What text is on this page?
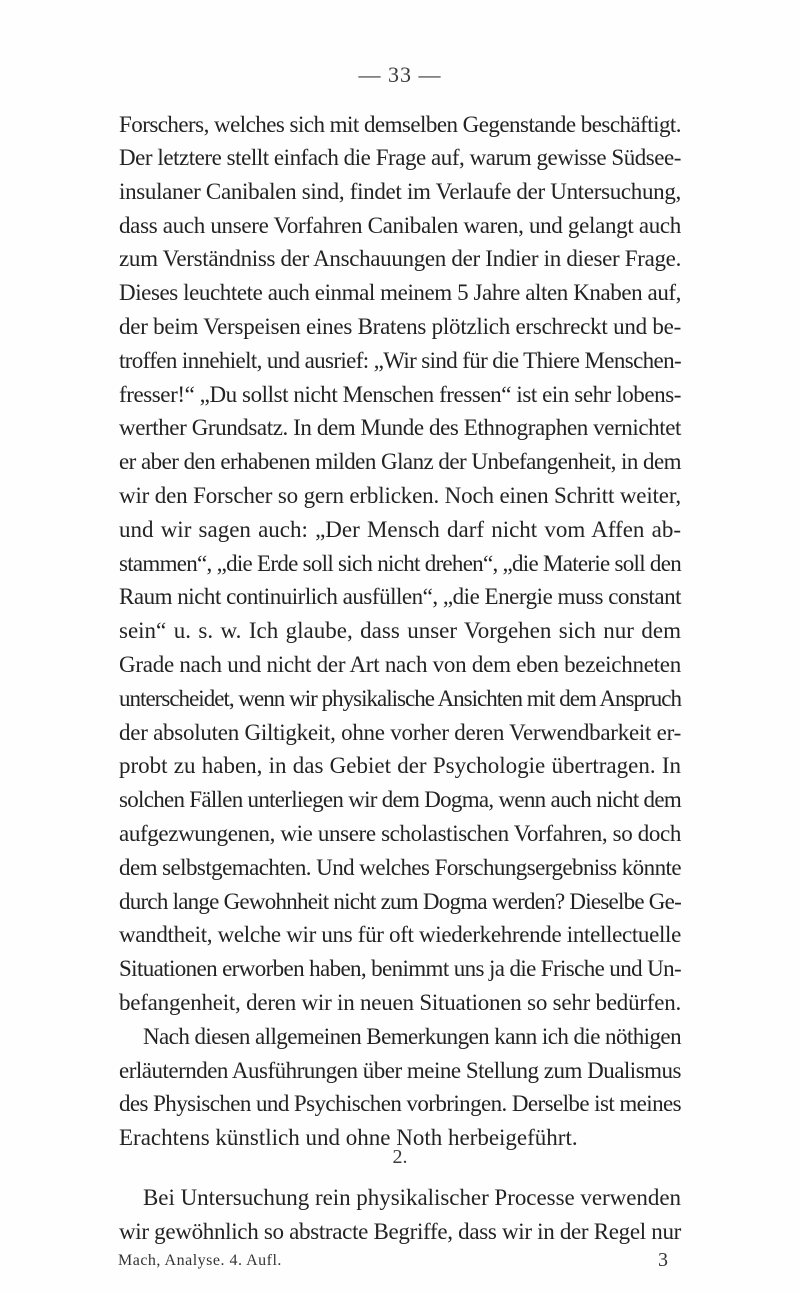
— 33 —
Forschers, welches sich mit demselben Gegenstande beschäftigt.
Der letztere stellt einfach die Frage auf, warum gewisse Südsee-
insulaner Canibalen sind, findet im Verlaufe der Untersuchung,
dass auch unsere Vorfahren Canibalen waren, und gelangt auch
zum Verständniss der Anschauungen der Indier in dieser Frage.
Dieses leuchtete auch einmal meinem 5 Jahre alten Knaben auf,
der beim Verspeisen eines Bratens plötzlich erschreckt und be-
troffen innehielt, und ausrief: „Wir sind für die Thiere Menschen-
fresser!“ „Du sollst nicht Menschen fressen“ ist ein sehr lobens-
werther Grundsatz. In dem Munde des Ethnographen vernichtet
er aber den erhabenen milden Glanz der Unbefangenheit, in dem
wir den Forscher so gern erblicken. Noch einen Schritt weiter,
und wir sagen auch: „Der Mensch darf nicht vom Affen ab-
stammen“, „die Erde soll sich nicht drehen“, „die Materie soll den
Raum nicht continuirlich ausfüllen“, „die Energie muss constant
sein“ u. s. w. Ich glaube, dass unser Vorgehen sich nur dem
Grade nach und nicht der Art nach von dem eben bezeichneten
unterscheidet, wenn wir physikalische Ansichten mit dem Anspruch
der absoluten Giltigkeit, ohne vorher deren Verwendbarkeit er-
probt zu haben, in das Gebiet der Psychologie übertragen. In
solchen Fällen unterliegen wir dem Dogma, wenn auch nicht dem
aufgezwungenen, wie unsere scholastischen Vorfahren, so doch
dem selbstgemachten. Und welches Forschungsergebniss könnte
durch lange Gewohnheit nicht zum Dogma werden? Dieselbe Ge-
wandtheit, welche wir uns für oft wiederkehrende intellectuelle
Situationen erworben haben, benimmt uns ja die Frische und Un-
befangenheit, deren wir in neuen Situationen so sehr bedürfen.
Nach diesen allgemeinen Bemerkungen kann ich die nöthigen
erläuternden Ausführungen über meine Stellung zum Dualismus
des Physischen und Psychischen vorbringen. Derselbe ist meines
Erachtens künstlich und ohne Noth herbeigeführt.
2.
Bei Untersuchung rein physikalischer Processe verwenden
wir gewöhnlich so abstracte Begriffe, dass wir in der Regel nur
Mach, Analyse. 4. Aufl.	3
